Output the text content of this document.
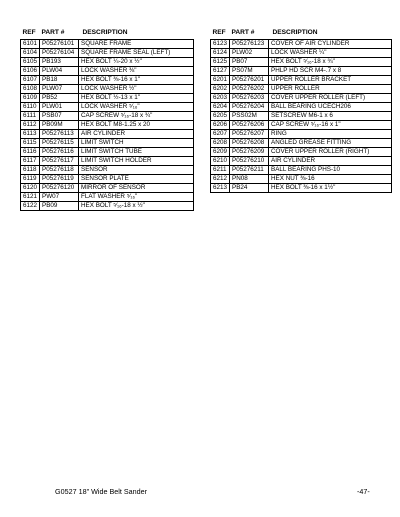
REF	PART #	DESCRIPTION
6101	P05276101	SQUARE FRAME
6104	P05276104	SQUARE FRAME SEAL (LEFT)
6105	PB193	HEX BOLT ¼-20 x ½"
6106	PLW04	LOCK WASHER ⅜"
6107	PB18	HEX BOLT ⅜-16 x 1"
6108	PLW07	LOCK WASHER ½"
6109	PB52	HEX BOLT ½-13 x 1"
6110	PLW01	LOCK WASHER ⁵⁄₁₆"
6111	PSB07	CAP SCREW ⁵⁄₁₆-18 x ¾"
6112	PB09M	HEX BOLT M8-1.25 x 20
6113	P05276113	AIR CYLINDER
6115	P05276115	LIMIT SWITCH
6116	P05276116	LIMIT SWITCH TUBE
6117	P05276117	LIMIT SWITCH HOLDER
6118	P05276118	SENSOR
6119	P05276119	SENSOR PLATE
6120	P05276120	MIRROR OF SENSOR
6121	PW07	FLAT WASHER ⁵⁄₁₆"
6122	PB09	HEX BOLT ⁵⁄₁₆-18 x ½"
REF	PART #	DESCRIPTION
6123	P05276123	COVER OF AIR CYLINDER
6124	PLW02	LOCK WASHER ¼"
6125	PB07	HEX BOLT ⁵⁄₁₆-18 x ¾"
6127	PS07M	PHLP HD SCR M4-.7 x 8
6201	P05276201	UPPER ROLLER BRACKET
6202	P05276202	UPPER ROLLER
6203	P05276203	COVER UPPER ROLLER (LEFT)
6204	P05276204	BALL BEARING UCECH206
6205	PSS02M	SETSCREW M6-1 x 6
6206	P05276206	CAP SCREW ⁵⁄₁₆-16 x 1"
6207	P05276207	RING
6208	P05276208	ANGLED GREASE FITTING
6209	P05276209	COVER UPPER ROLLER (RIGHT)
6210	P05276210	AIR CYLINDER
6211	P05276211	BALL BEARING PHS-10
6212	PN08	HEX NUT ⅜-16
6213	PB24	HEX BOLT ⅜-16 x 1½"
G0527 18" Wide Belt Sander	-47-
